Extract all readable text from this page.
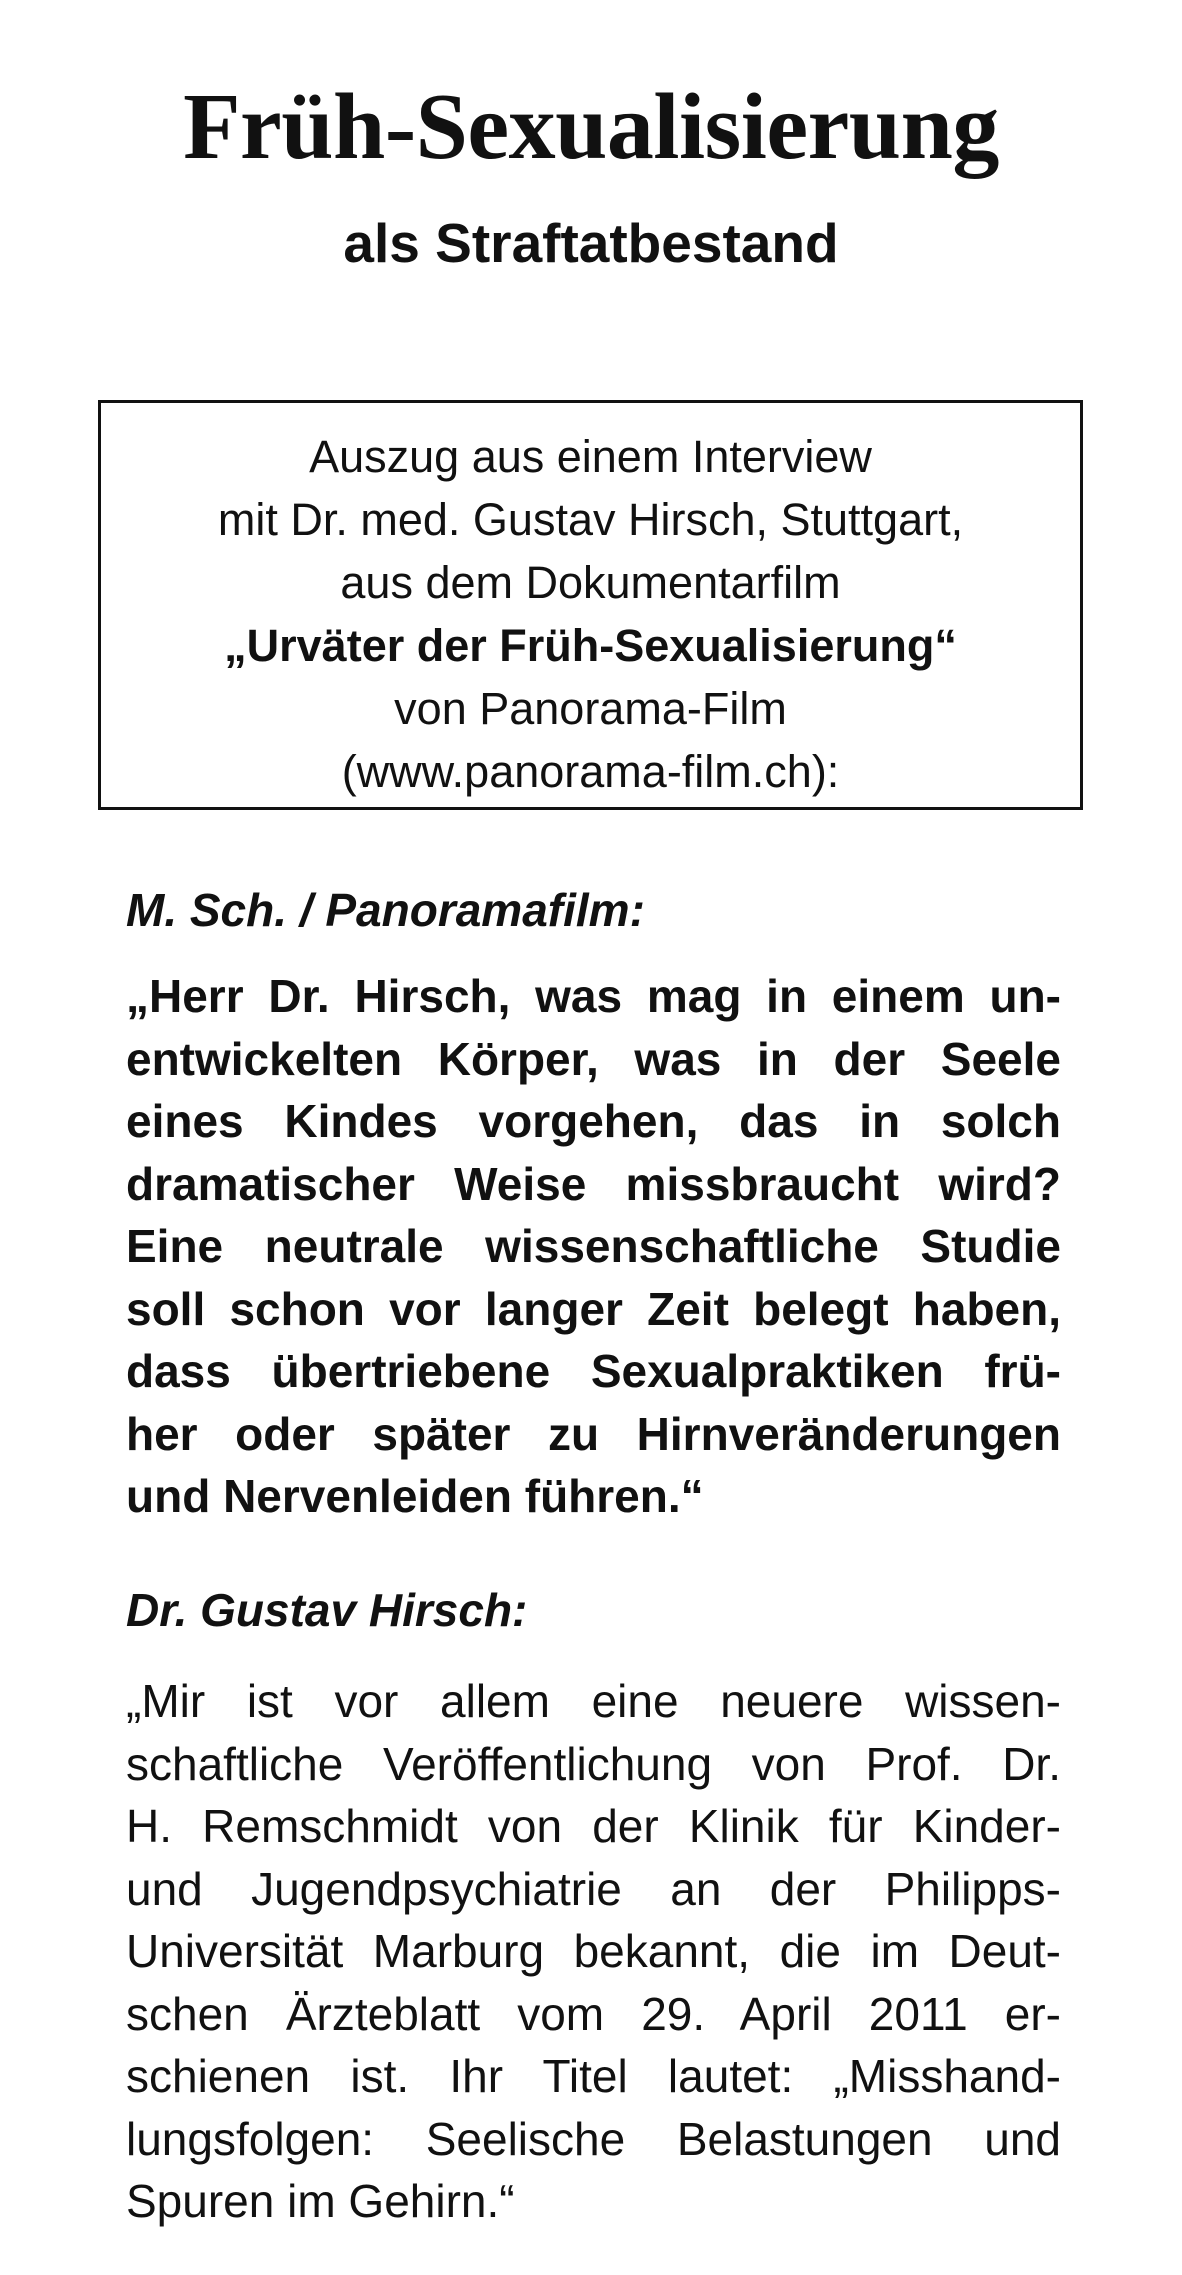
Früh-Sexualisierung
als Straftatbestand
Auszug aus einem Interview
mit Dr. med. Gustav Hirsch, Stuttgart,
aus dem Dokumentarfilm
„Urväter der Früh-Sexualisierung“
von Panorama-Film
(www.panorama-film.ch):

M. Sch. / Panoramafilm:

„Herr Dr. Hirsch, was mag in einem un-
entwickelten Körper, was in der Seele
eines Kindes vorgehen, das in solch
dramatischer Weise missbraucht wird?
Eine neutrale wissenschaftliche Studie
soll schon vor langer Zeit belegt haben,
dass übertriebene Sexualpraktiken frü-
her oder später zu Hirnveränderungen
und Nervenleiden führen.“

Dr. Gustav Hirsch:

„Mir ist vor allem eine neuere wissen-
schaftliche Veröffentlichung von Prof. Dr.
H. Remschmidt von der Klinik für Kinder-
und Jugendpsychiatrie an der Philipps-
Universität Marburg bekannt, die im Deut-
schen Ärzteblatt vom 29. April 2011 er-
schienen ist. Ihr Titel lautet: „Misshand-
lungsfolgen: Seelische Belastungen und
Spuren im Gehirn.“
